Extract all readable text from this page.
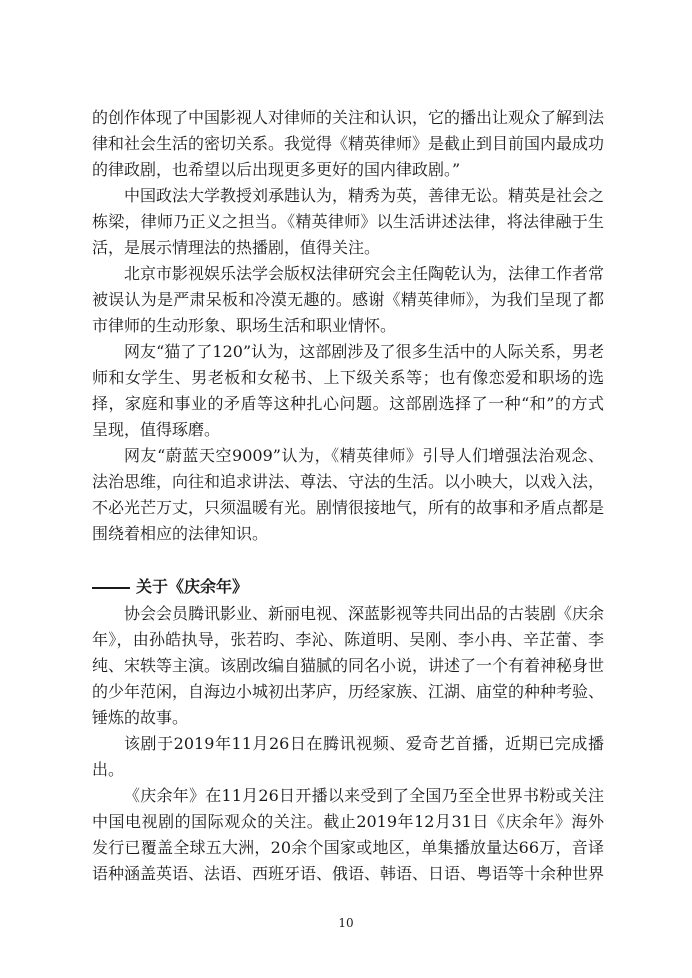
的创作体现了中国影视人对律师的关注和认识，它的播出让观众了解到法律和社会生活的密切关系。我觉得《精英律师》是截止到目前国内最成功的律政剧，也希望以后出现更多更好的国内律政剧。”
中国政法大学教授刘承韪认为，精秀为英，善律无讼。精英是社会之栋梁，律师乃正义之担当。《精英律师》以生活讲述法律，将法律融于生活，是展示情理法的热播剧，值得关注。
北京市影视娱乐法学会版权法律研究会主任陶乾认为，法律工作者常被误认为是严肃呆板和冷漠无趣的。感谢《精英律师》，为我们呈现了都市律师的生动形象、职场生活和职业情怀。
网友“猫了了120”认为，这部剧涉及了很多生活中的人际关系，男老师和女学生、男老板和女秘书、上下级关系等；也有像恋爱和职场的选择，家庭和事业的矛盾等这种扎心问题。这部剧选择了一种“和”的方式呈现，值得琢磨。
网友“蔚蓝天空9009”认为，《精英律师》引导人们增强法治观念、法治思维，向往和追求讲法、尊法、守法的生活。以小映大，以戏入法，不必光芒万丈，只须温暖有光。剧情很接地气，所有的故事和矛盾点都是围绕着相应的法律知识。
关于《庆余年》
协会会员腾讯影业、新丽电视、深蓝影视等共同出品的古装剧《庆余年》，由孙皓执导，张若昀、李沁、陈道明、吴刚、李小冉、辛芷蕾、李纯、宋轶等主演。该剧改编自猫腻的同名小说，讲述了一个有着神秘身世的少年范闲，自海边小城初出茅庐，历经家族、江湖、庙堂的种种考验、锤炼的故事。
该剧于2019年11月26日在腾讯视频、爱奇艺首播，近期已完成播出。
《庆余年》在11月26日开播以来受到了全国乃至全世界书粉或关注中国电视剧的国际观众的关注。截止2019年12月31日《庆余年》海外发行已覆盖全球五大洲，20余个国家或地区，单集播放量达66万，音译语种涵盖英语、法语、西班牙语、俄语、韩语、日语、粤语等十余种世界
10
